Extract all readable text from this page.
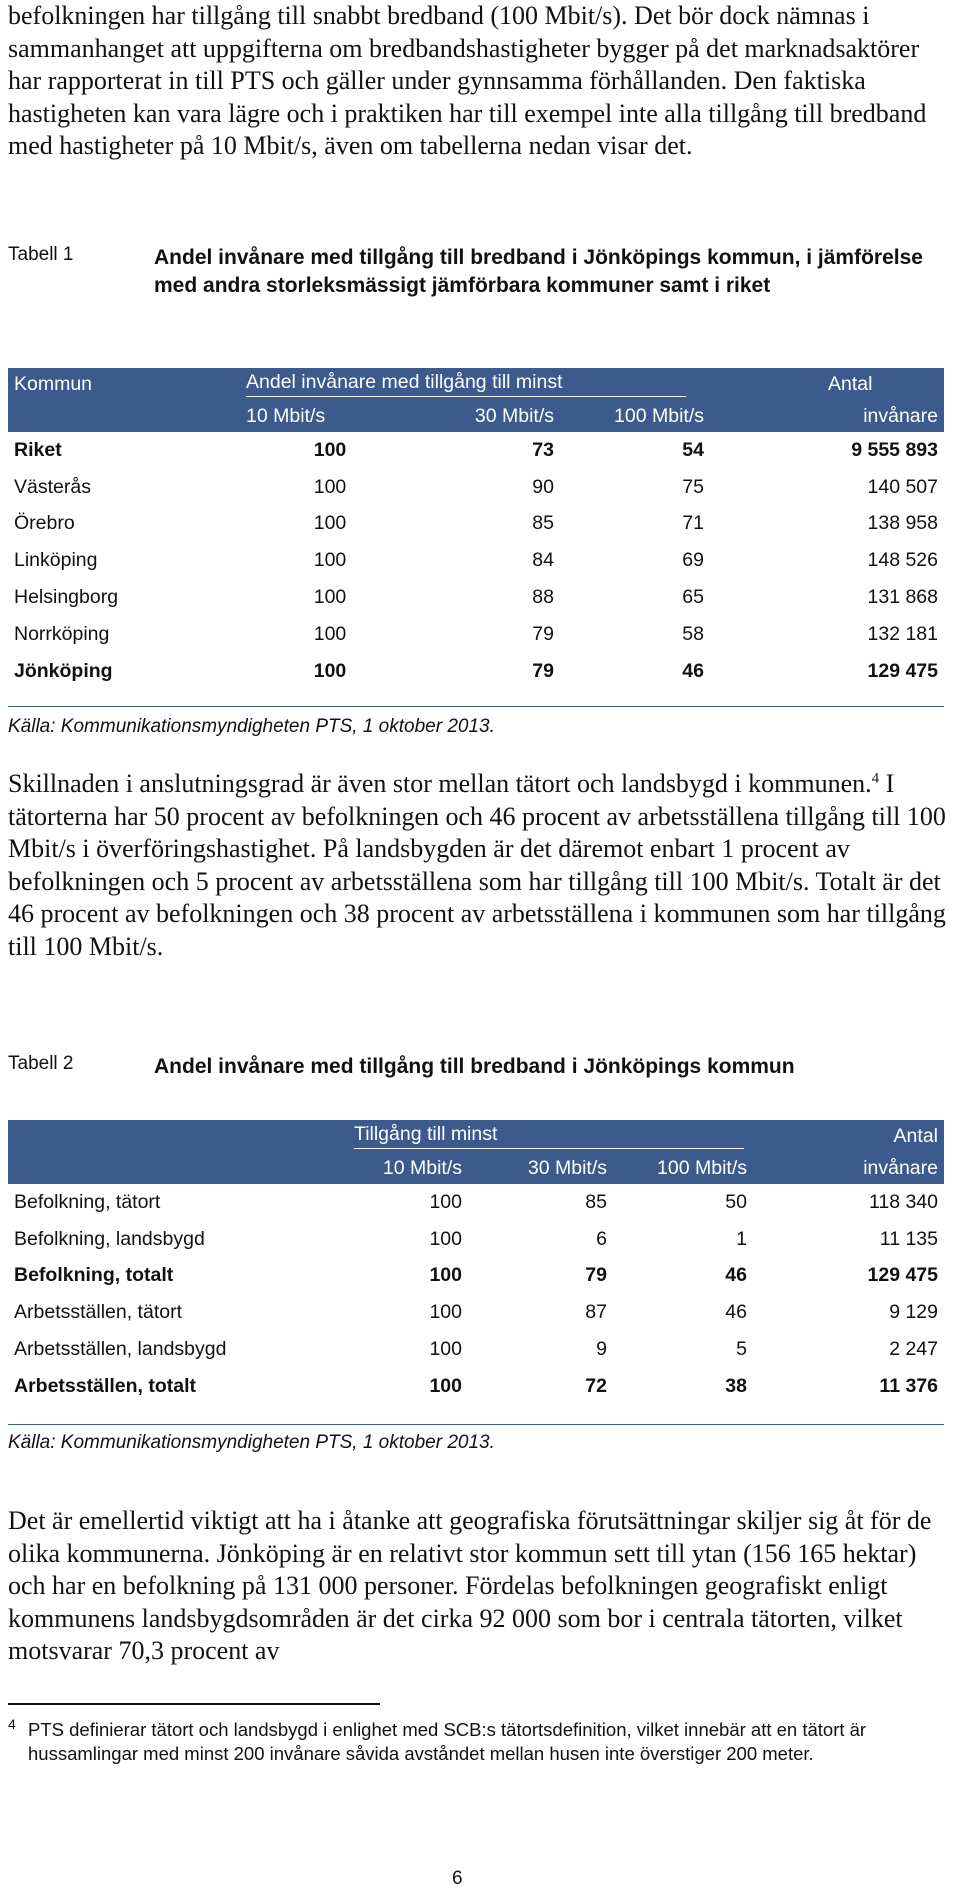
befolkningen har tillgång till snabbt bredband (100 Mbit/s). Det bör dock nämnas i sammanhanget att uppgifterna om bredbandshastigheter bygger på det marknadsaktörer har rapporterat in till PTS och gäller under gynnsamma förhållanden. Den faktiska hastigheten kan vara lägre och i praktiken har till exempel inte alla tillgång till bredband med hastigheter på 10 Mbit/s, även om tabellerna nedan visar det.

Tabell 1	Andel invånare med tillgång till bredband i Jönköpings kommun, i jämförelse med andra storleksmässigt jämförbara kommuner samt i riket
Kommun	Andel invånare med tillgång till minst			Antal
	10 Mbit/s	30 Mbit/s	100 Mbit/s	invånare
Riket	100	73	54	9 555 893
Västerås	100	90	75	140 507
Örebro	100	85	71	138 958
Linköping	100	84	69	148 526
Helsingborg	100	88	65	131 868
Norrköping	100	79	58	132 181
Jönköping	100	79	46	129 475
Källa: Kommunikationsmyndigheten PTS, 1 oktober 2013.

Skillnaden i anslutningsgrad är även stor mellan tätort och landsbygd i kommunen.$^4$ I tätorterna har 50 procent av befolkningen och 46 procent av arbetsställena tillgång till 100 Mbit/s i överföringshastighet. På landsbygden är det däremot enbart 1 procent av befolkningen och 5 procent av arbetsställena som har tillgång till 100 Mbit/s. Totalt är det 46 procent av befolkningen och 38 procent av arbetsställena i kommunen som har tillgång till 100 Mbit/s.

Tabell 2	Andel invånare med tillgång till bredband i Jönköpings kommun
	Tillgång till minst			Antal
	10 Mbit/s	30 Mbit/s	100 Mbit/s	invånare
Befolkning, tätort	100	85	50	118 340
Befolkning, landsbygd	100	6	1	11 135
Befolkning, totalt	100	79	46	129 475
Arbetsställen, tätort	100	87	46	9 129
Arbetsställen, landsbygd	100	9	5	2 247
Arbetsställen, totalt	100	72	38	11 376
Källa: Kommunikationsmyndigheten PTS, 1 oktober 2013.

Det är emellertid viktigt att ha i åtanke att geografiska förutsättningar skiljer sig åt för de olika kommunerna. Jönköping är en relativt stor kommun sett till ytan (156 165 hektar) och har en befolkning på 131 000 personer. Fördelas befolkningen geografiskt enligt kommunens landsbygdsområden är det cirka 92 000 som bor i centrala tätorten, vilket motsvarar 70,3 procent av

4 PTS definierar tätort och landsbygd i enlighet med SCB:s tätortsdefinition, vilket innebär att en tätort är hussamlingar med minst 200 invånare såvida avståndet mellan husen inte överstiger 200 meter.
6
